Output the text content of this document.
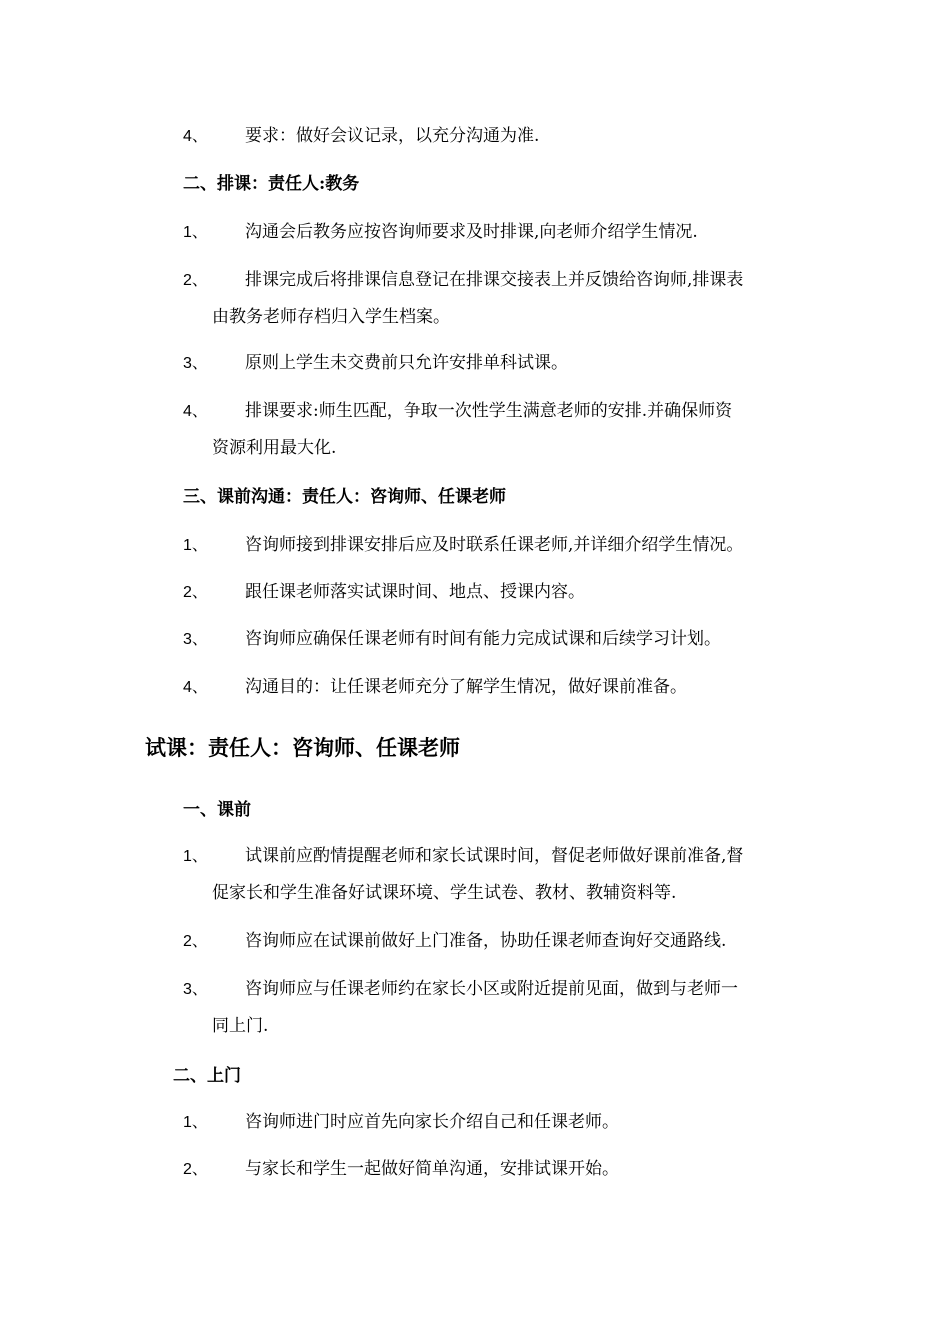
4、	要求：做好会议记录，以充分沟通为准.
二、排课：责任人:教务
1、	沟通会后教务应按咨询师要求及时排课,向老师介绍学生情况.
2、	排课完成后将排课信息登记在排课交接表上并反馈给咨询师,排课表
由教务老师存档归入学生档案。
3、	原则上学生未交费前只允许安排单科试课。
4、	排课要求:师生匹配，争取一次性学生满意老师的安排.并确保师资
资源利用最大化.
三、课前沟通：责任人：咨询师、任课老师
1、	咨询师接到排课安排后应及时联系任课老师,并详细介绍学生情况。
2、	跟任课老师落实试课时间、地点、授课内容。
3、	咨询师应确保任课老师有时间有能力完成试课和后续学习计划。
4、	沟通目的：让任课老师充分了解学生情况，做好课前准备。
试课：责任人：咨询师、任课老师
一、课前
1、	试课前应酌情提醒老师和家长试课时间，督促老师做好课前准备,督
促家长和学生准备好试课环境、学生试卷、教材、教辅资料等.
2、	咨询师应在试课前做好上门准备，协助任课老师查询好交通路线.
3、	咨询师应与任课老师约在家长小区或附近提前见面，做到与老师一
同上门.
二、上门
1、	咨询师进门时应首先向家长介绍自己和任课老师。
2、	与家长和学生一起做好简单沟通，安排试课开始。
